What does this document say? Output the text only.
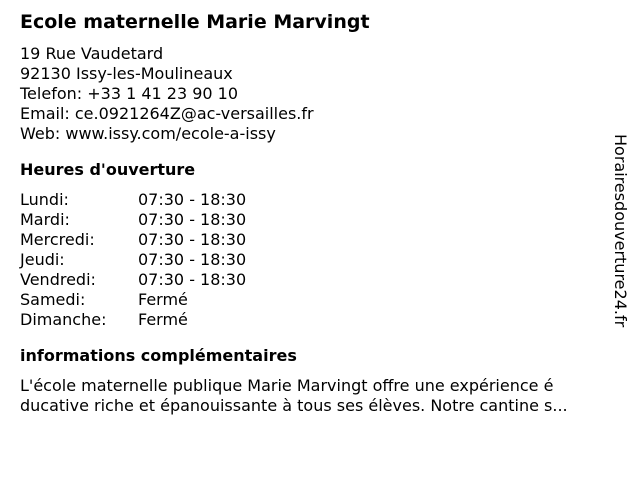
Ecole maternelle Marie Marvingt
19 Rue Vaudetard
92130 Issy-les-Moulineaux
Telefon: +33 1 41 23 90 10
Email: ce.0921264Z@ac-versailles.fr
Web: www.issy.com/ecole-a-issy
Heures d'ouverture
Lundi:	07:30 - 18:30
Mardi:	07:30 - 18:30
Mercredi:	07:30 - 18:30
Jeudi:	07:30 - 18:30
Vendredi:	07:30 - 18:30
Samedi:	Fermé
Dimanche:	Fermé
informations complémentaires
L'école maternelle publique Marie Marvingt offre une expérience é
ducative riche et épanouissante à tous ses élèves. Notre cantine s...
Horairesdouverture24.fr
